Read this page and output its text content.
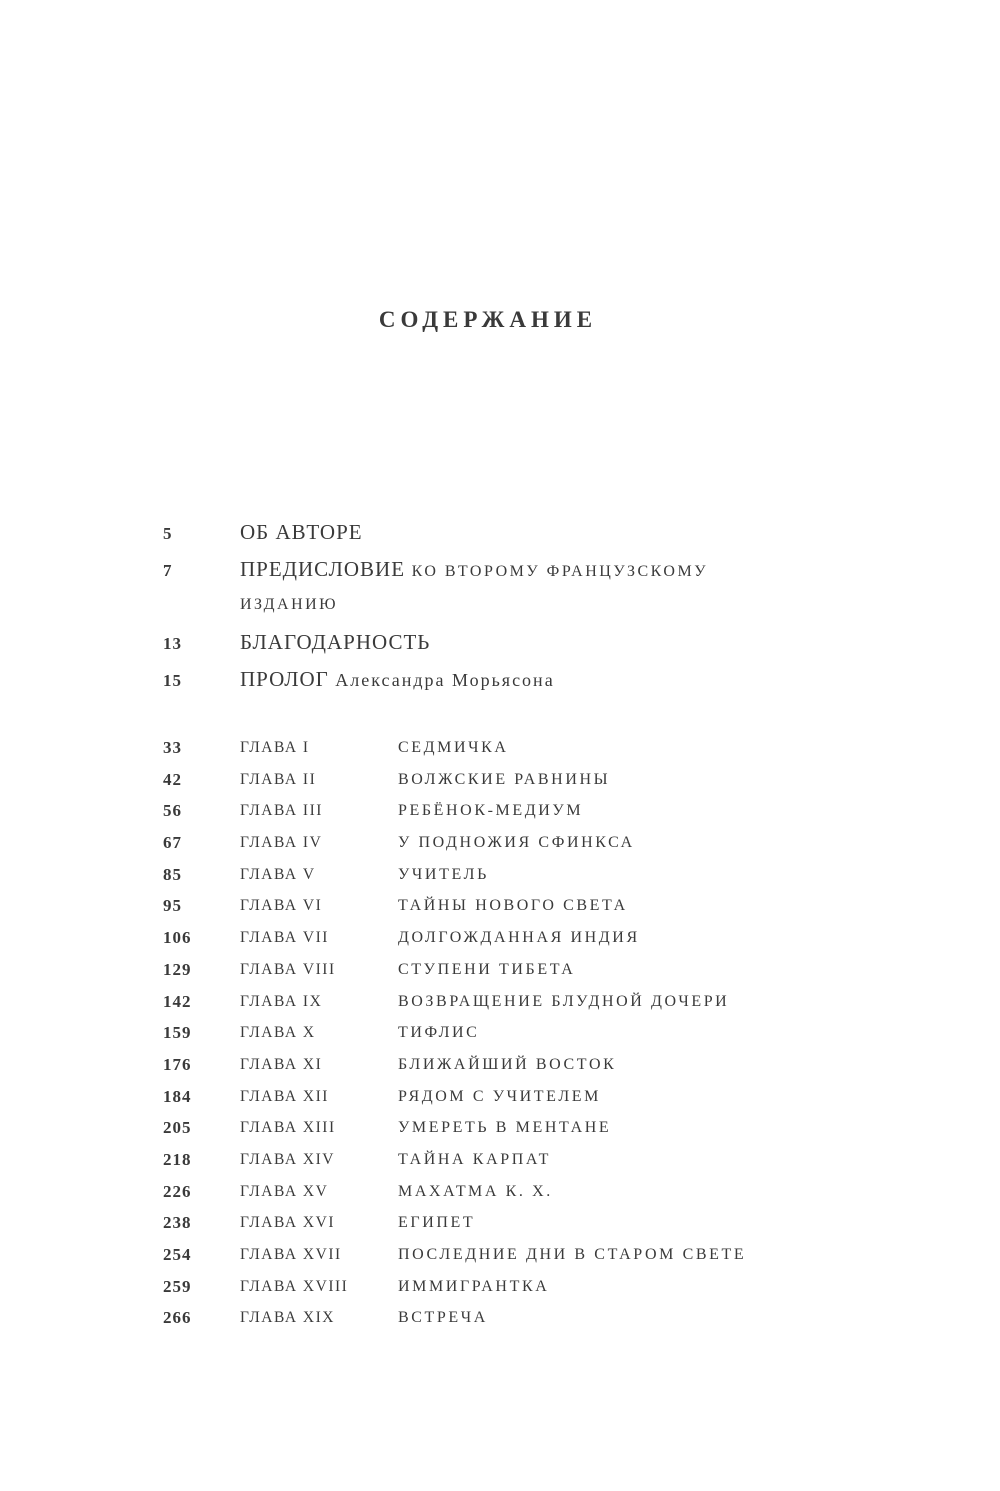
СОДЕРЖАНИЕ
5	ОБ АВТОРЕ
7	ПРЕДИСЛОВИЕ КО ВТОРОМУ ФРАНЦУЗСКОМУ
ИЗДАНИЮ
13	БЛАГОДАРНОСТЬ
15	ПРОЛОГ Александра Морьясона
33	ГЛАВА I	СЕДМИЧКА
42	ГЛАВА II	ВОЛЖСКИЕ РАВНИНЫ
56	ГЛАВА III	РЕБЁНОК-МЕДИУМ
67	ГЛАВА IV	У ПОДНОЖИЯ СФИНКСА
85	ГЛАВА V	УЧИТЕЛЬ
95	ГЛАВА VI	ТАЙНЫ НОВОГО СВЕТА
106	ГЛАВА VII	ДОЛГОЖДАННАЯ ИНДИЯ
129	ГЛАВА VIII	СТУПЕНИ ТИБЕТА
142	ГЛАВА IX	ВОЗВРАЩЕНИЕ БЛУДНОЙ ДОЧЕРИ
159	ГЛАВА X	ТИФЛИС
176	ГЛАВА XI	БЛИЖАЙШИЙ ВОСТОК
184	ГЛАВА XII	РЯДОМ С УЧИТЕЛЕМ
205	ГЛАВА XIII	УМЕРЕТЬ В МЕНТАНЕ
218	ГЛАВА XIV	ТАЙНА КАРПАТ
226	ГЛАВА XV	МАХАТМА К. Х.
238	ГЛАВА XVI	ЕГИПЕТ
254	ГЛАВА XVII	ПОСЛЕДНИЕ ДНИ В СТАРОМ СВЕТЕ
259	ГЛАВА XVIII	ИММИГРАНТКА
266	ГЛАВА XIX	ВСТРЕЧА
